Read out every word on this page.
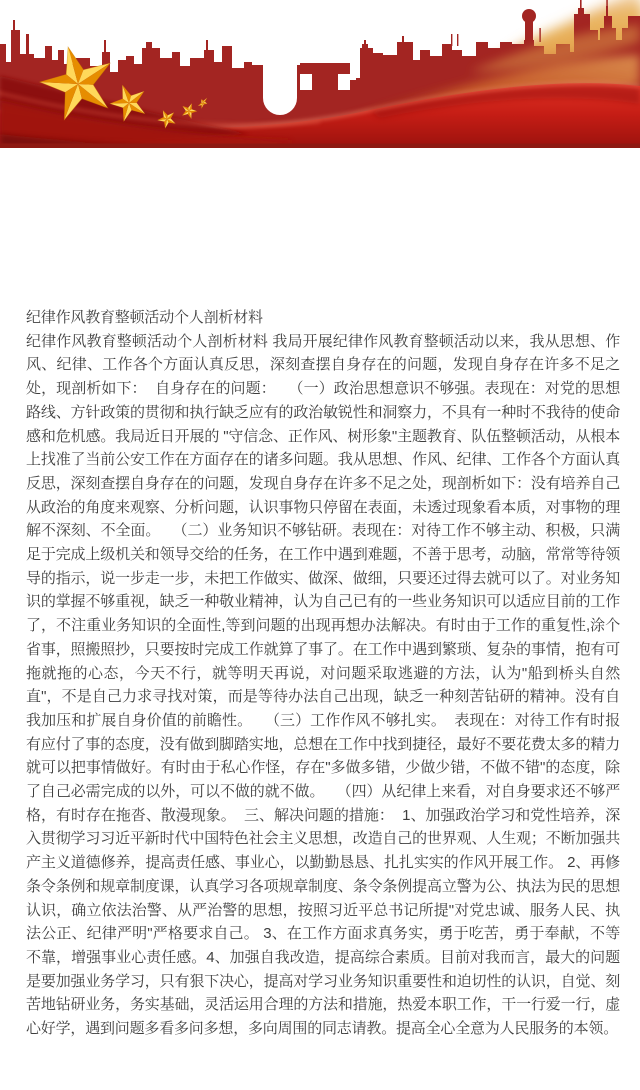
纪律作风教育整顿活动个人剖析材料
纪律作风教育整顿活动个人剖析材料 我局开展纪律作风教育整顿活动以来，我从思想、作风、纪律、工作各个方面认真反思，深刻查摆自身存在的问题，发现自身存在许多不足之处，现剖析如下：  自身存在的问题：   （一）政治思想意识不够强。表现在：对党的思想路线、方针政策的贯彻和执行缺乏应有的政治敏锐性和洞察力，不具有一种时不我待的使命感和危机感。我局近日开展的 "守信念、正作风、树形象"主题教育、队伍整顿活动，从根本上找准了当前公安工作在方面存在的诸多问题。我从思想、作风、纪律、工作各个方面认真反思，深刻查摆自身存在的问题，发现自身存在许多不足之处，现剖析如下：没有培养自己从政治的角度来观察、分析问题，认识事物只停留在表面，未透过现象看本质，对事物的理解不深刻、不全面。   （二）业务知识不够钻研。表现在：对待工作不够主动、积极，只满足于完成上级机关和领导交给的任务，在工作中遇到难题，不善于思考，动脑，常常等待领导的指示，说一步走一步，未把工作做实、做深、做细，只要还过得去就可以了。对业务知识的掌握不够重视，缺乏一种敬业精神，认为自己已有的一些业务知识可以适应目前的工作了，不注重业务知识的全面性,等到问题的出现再想办法解决。有时由于工作的重复性,涂个省事，照搬照抄，只要按时完成工作就算了事了。在工作中遇到繁琐、复杂的事情，抱有可拖就拖的心态，今天不行，就等明天再说，对问题采取逃避的方法，认为"船到桥头自然直"，不是自己力求寻找对策，而是等待办法自己出现，缺乏一种刻苦钻研的精神。没有自我加压和扩展自身价值的前瞻性。   （三）工作作风不够扎实。  表现在：对待工作有时报有应付了事的态度，没有做到脚踏实地，总想在工作中找到捷径，最好不要花费太多的精力就可以把事情做好。有时由于私心作怪，存在"多做多错，少做少错，不做不错"的态度，除了自己必需完成的以外，可以不做的就不做。   （四）从纪律上来看，对自身要求还不够严格，有时存在拖沓、散漫现象。  三、解决问题的措施：  1、加强政治学习和党性培养，深入贯彻学习习近平新时代中国特色社会主义思想，改造自己的世界观、人生观；不断加强共产主义道德修养，提高责任感、事业心，以勤勤恳恳、扎扎实实的作风开展工作。 2、再修条令条例和规章制度课，认真学习各项规章制度、条令条例提高立警为公、执法为民的思想认识，确立依法治警、从严治警的思想，按照习近平总书记所提"对党忠诚、服务人民、执法公正、纪律严明"严格要求自己。 3、在工作方面求真务实，勇于吃苦，勇于奉献，不等不靠，增强事业心责任感。4、加强自我改造，提高综合素质。目前对我而言，最大的问题是要加强业务学习，只有狠下决心，提高对学习业务知识重要性和迫切性的认识，自觉、刻苦地钻研业务，务实基础，灵活运用合理的方法和措施，热爱本职工作，干一行爱一行，虚心好学，遇到问题多看多问多想，多向周围的同志请教。提高全心全意为人民服务的本领。
